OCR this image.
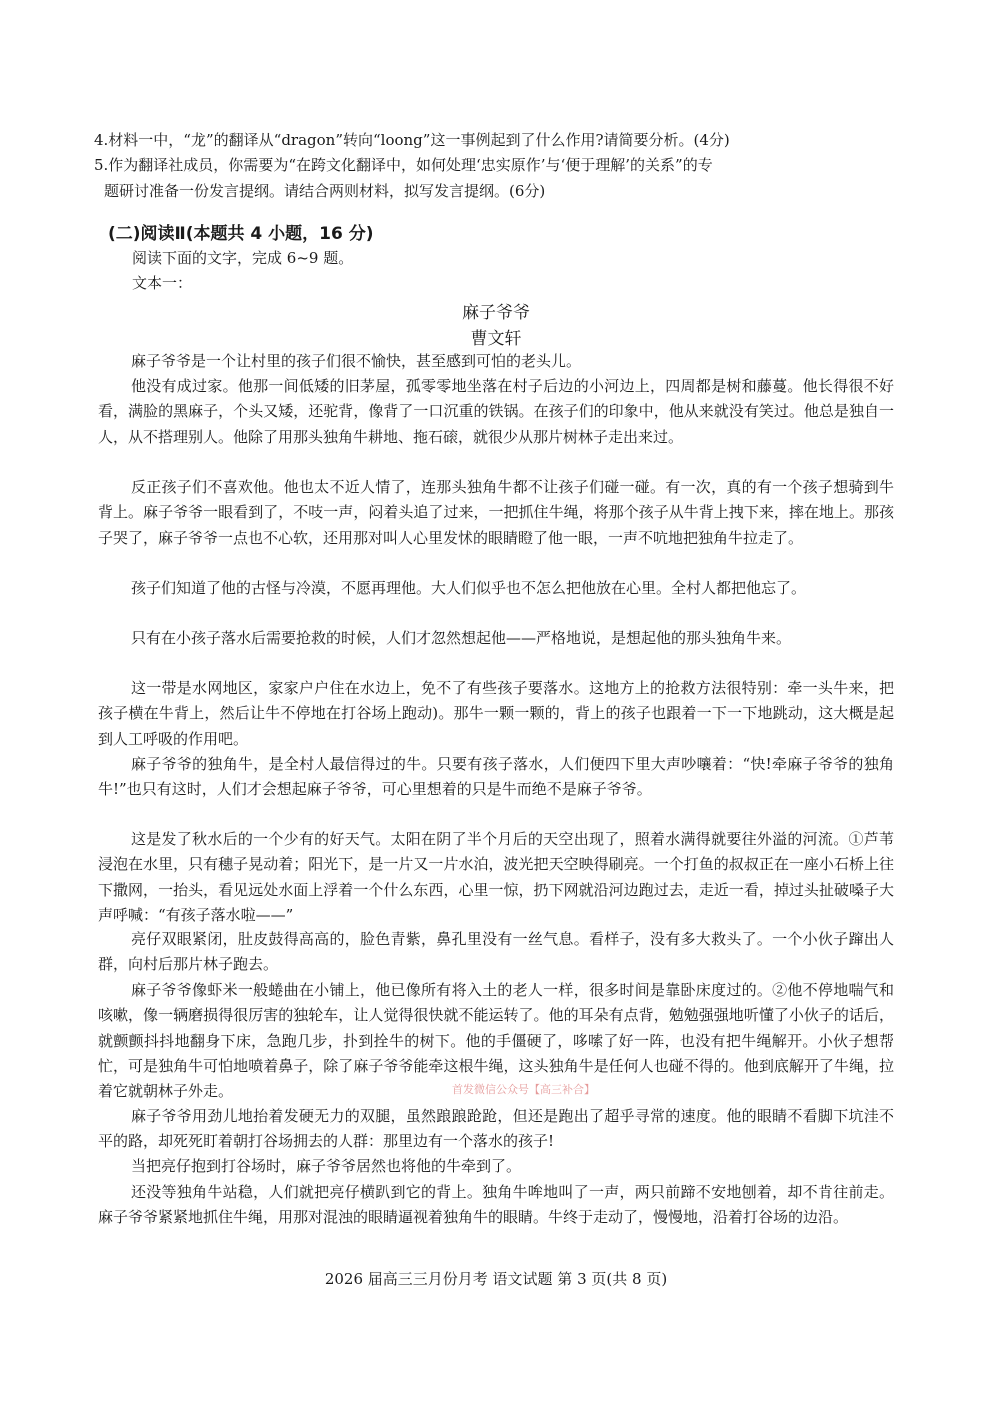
4.材料一中，“龙”的翻译从“dragon”转向“loong”这一事例起到了什么作用?请简要分析。(4分)
5.作为翻译社成员，你需要为“在跨文化翻译中，如何处理‘忠实原作’与‘便于理解’的关系”的专
题研讨准备一份发言提纲。请结合两则材料，拟写发言提纲。(6分)
(二)阅读Ⅱ(本题共 4 小题，16 分)
阅读下面的文字，完成 6~9 题。
文本一：
麻子爷爷
曹文轩
麻子爷爷是一个让村里的孩子们很不愉快，甚至感到可怕的老头儿。
他没有成过家。他那一间低矮的旧茅屋，孤零零地坐落在村子后边的小河边上，四周都是树和藤蔓。他长得很不好看，满脸的黑麻子，个头又矮，还驼背，像背了一口沉重的铁锅。在孩子们的印象中，他从来就没有笑过。他总是独自一人，从不搭理别人。他除了用那头独角牛耕地、拖石磙，就很少从那片树林子走出来过。
反正孩子们不喜欢他。他也太不近人情了，连那头独角牛都不让孩子们碰一碰。有一次，真的有一个孩子想骑到牛背上。麻子爷爷一眼看到了，不吱一声，闷着头追了过来，一把抓住牛绳，将那个孩子从牛背上拽下来，摔在地上。那孩子哭了，麻子爷爷一点也不心软，还用那对叫人心里发怵的眼睛瞪了他一眼，一声不吭地把独角牛拉走了。
孩子们知道了他的古怪与冷漠，不愿再理他。大人们似乎也不怎么把他放在心里。全村人都把他忘了。
只有在小孩子落水后需要抢救的时候，人们才忽然想起他——严格地说，是想起他的那头独角牛来。
这一带是水网地区，家家户户住在水边上，免不了有些孩子要落水。这地方上的抢救方法很特别：牵一头牛来，把孩子横在牛背上，然后让牛不停地在打谷场上跑动)。那牛一颗一颗的，背上的孩子也跟着一下一下地跳动，这大概是起到人工呼吸的作用吧。
麻子爷爷的独角牛，是全村人最信得过的牛。只要有孩子落水，人们便四下里大声吵嚷着：“快!牵麻子爷爷的独角牛!”也只有这时，人们才会想起麻子爷爷，可心里想着的只是牛而绝不是麻子爷爷。
这是发了秋水后的一个少有的好天气。太阳在阴了半个月后的天空出现了，照着水满得就要往外溢的河流。①芦苇浸泡在水里，只有穗子晃动着；阳光下，是一片又一片水泊，波光把天空映得刷亮。一个打鱼的叔叔正在一座小石桥上往下撒网，一抬头，看见远处水面上浮着一个什么东西，心里一惊，扔下网就沿河边跑过去，走近一看，掉过头扯破嗓子大声呼喊：“有孩子落水啦——”
亮仔双眼紧闭，肚皮鼓得高高的，脸色青紫，鼻孔里没有一丝气息。看样子，没有多大救头了。一个小伙子蹿出人群，向村后那片林子跑去。
麻子爷爷像虾米一般蜷曲在小铺上，他已像所有将入土的老人一样，很多时间是靠卧床度过的。②他不停地喘气和咳嗽，像一辆磨损得很厉害的独轮车，让人觉得很快就不能运转了。他的耳朵有点背，勉勉强强地听懂了小伙子的话后，就颤颤抖抖地翻身下床，急跑几步，扑到拴牛的树下。他的手僵硬了，哆嗦了好一阵，也没有把牛绳解开。小伙子想帮忙，可是独角牛可怕地喷着鼻子，除了麻子爷爷能牵这根牛绳，这头独角牛是任何人也碰不得的。他到底解开了牛绳，拉着它就朝林子外走。
麻子爷爷用劲儿地抬着发硬无力的双腿，虽然踉踉跄跄，但还是跑出了超乎寻常的速度。他的眼睛不看脚下坑洼不平的路，却死死盯着朝打谷场拥去的人群：那里边有一个落水的孩子!
当把亮仔抱到打谷场时，麻子爷爷居然也将他的牛牵到了。
还没等独角牛站稳，人们就把亮仔横趴到它的背上。独角牛哞地叫了一声，两只前蹄不安地刨着，却不肯往前走。麻子爷爷紧紧地抓住牛绳，用那对混浊的眼睛逼视着独角牛的眼睛。牛终于走动了，慢慢地，沿着打谷场的边沿。
首发微信公众号【高三补合】
2026 届高三三月份月考 语文试题 第 3 页(共 8 页)
